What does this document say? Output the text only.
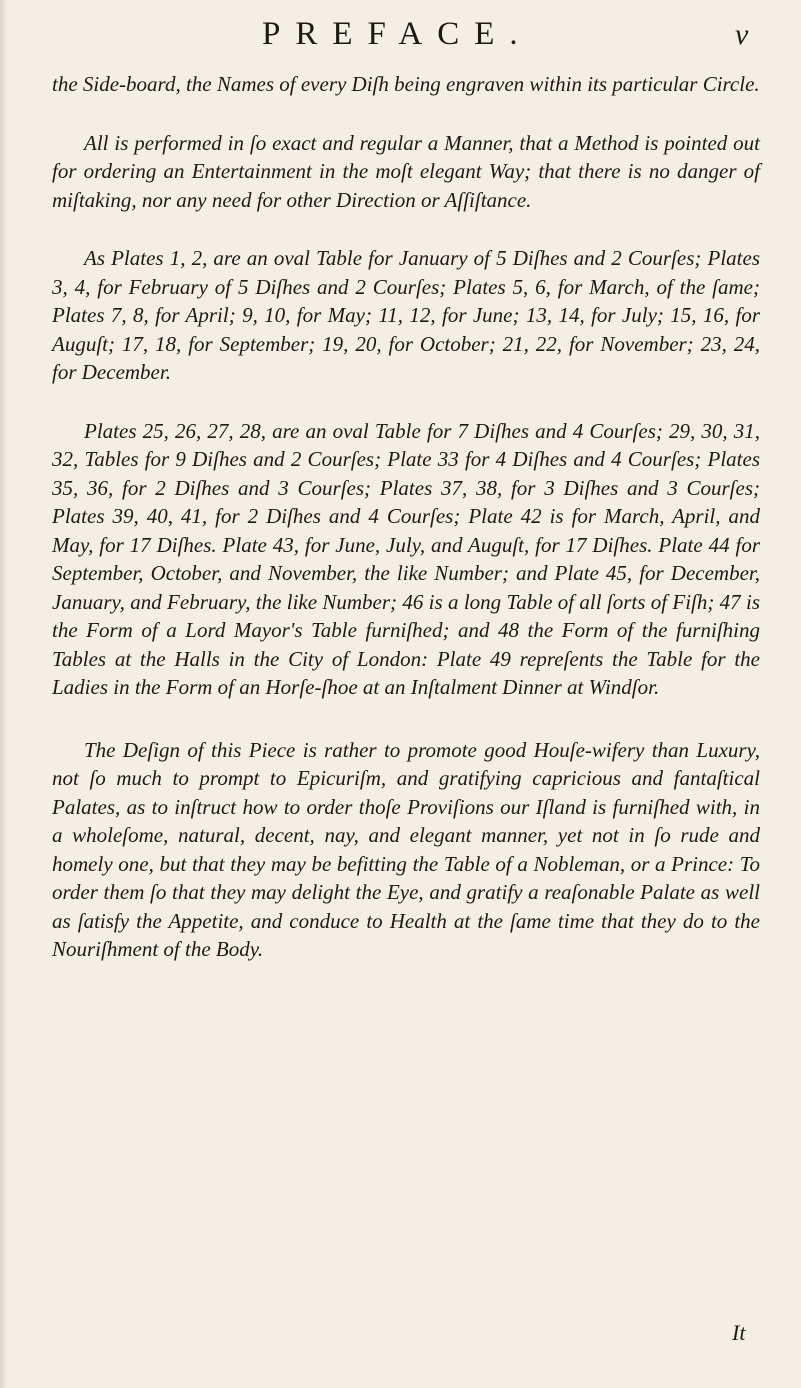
PREFACE.	v

the Side-board, the Names of every Diſh being engraven within its particular Circle.

All is performed in ſo exact and regular a Manner, that a Method is pointed out for ordering an Entertainment in the moſt elegant Way; that there is no danger of miſtaking, nor any need for other Direction or Aſſiſtance.

As Plates 1, 2, are an oval Table for January of 5 Diſhes and 2 Courſes; Plates 3, 4, for February of 5 Diſhes and 2 Courſes; Plates 5, 6, for March, of the ſame; Plates 7, 8, for April; 9, 10, for May; 11, 12, for June; 13, 14, for July; 15, 16, for Auguſt; 17, 18, for September; 19, 20, for October; 21, 22, for November; 23, 24, for December.

Plates 25, 26, 27, 28, are an oval Table for 7 Diſhes and 4 Courſes; 29, 30, 31, 32, Tables for 9 Diſhes and 2 Courſes; Plate 33 for 4 Diſhes and 4 Courſes; Plates 35, 36, for 2 Diſhes and 3 Courſes; Plates 37, 38, for 3 Diſhes and 3 Courſes; Plates 39, 40, 41, for 2 Diſhes and 4 Courſes; Plate 42 is for March, April, and May, for 17 Diſhes. Plate 43, for June, July, and Auguſt, for 17 Diſhes. Plate 44 for September, October, and November, the like Number; and Plate 45, for December, January, and February, the like Number; 46 is a long Table of all ſorts of Fiſh; 47 is the Form of a Lord Mayor's Table furniſhed; and 48 the Form of the furniſhing Tables at the Halls in the City of London: Plate 49 repreſents the Table for the Ladies in the Form of an Horſe-ſhoe at an Inſtalment Dinner at Windſor.

The Deſign of this Piece is rather to promote good Houſe-wifery than Luxury, not ſo much to prompt to Epicuriſm, and gratifying capricious and fantaſtical Palates, as to inſtruct how to order thoſe Proviſions our Iſland is furniſhed with, in a wholeſome, natural, decent, nay, and elegant manner, yet not in ſo rude and homely one, but that they may be befitting the Table of a Nobleman, or a Prince: To order them ſo that they may delight the Eye, and gratify a reaſonable Palate as well as ſatisfy the Appetite, and conduce to Health at the ſame time that they do to the Nouriſhment of the Body.

It
